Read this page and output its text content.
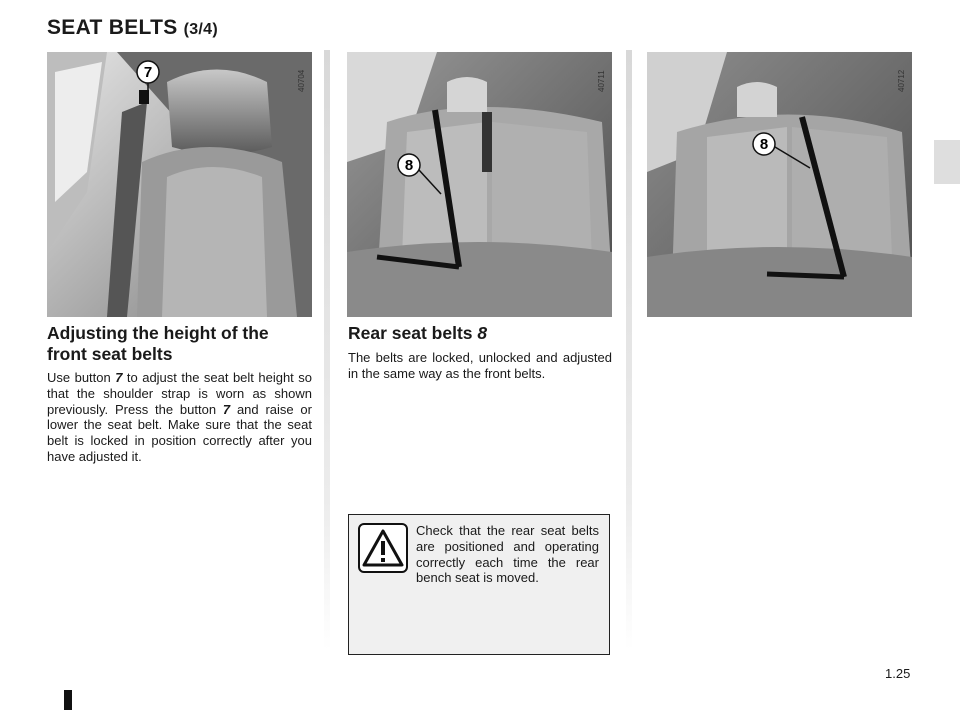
SEAT BELTS (3/4)
40704
7	40711
8
40712
8
Adjusting the height of the front seat belts
Use button 7 to adjust the seat belt height so that the shoulder strap is worn as shown previously. Press the button 7 and raise or lower the seat belt. Make sure that the seat belt is locked in position correctly after you have adjusted it.
Rear seat belts 8
The belts are locked, unlocked and adjusted in the same way as the front belts.
Check that the rear seat belts are positioned and operating correctly each time the rear bench seat is moved.
1.25
